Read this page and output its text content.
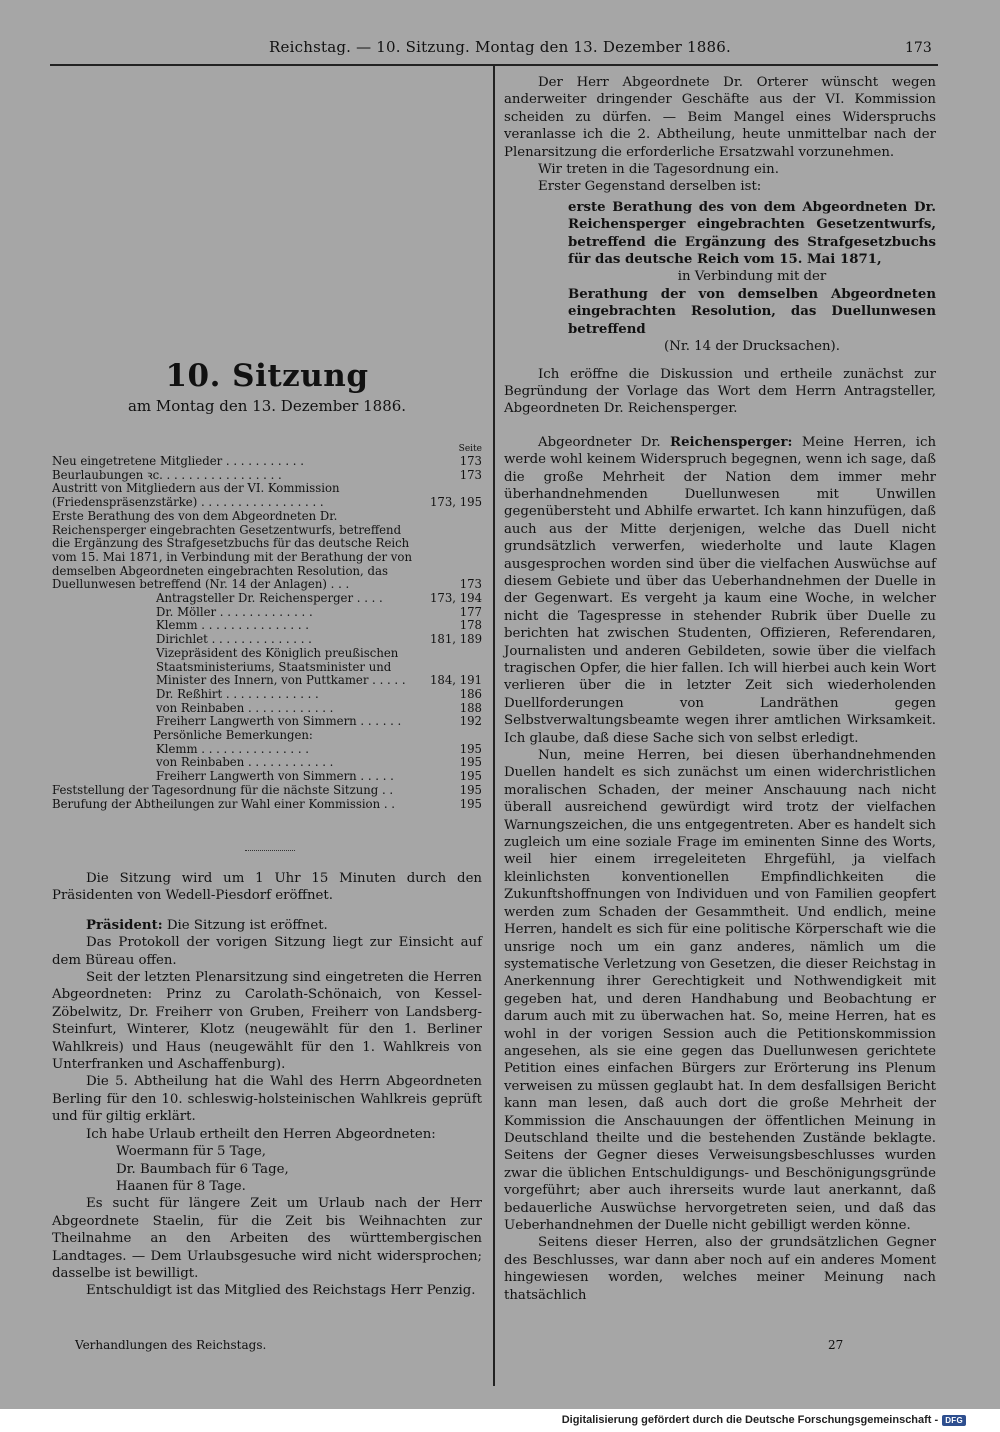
Reichstag. — 10. Sitzung. Montag den 13. Dezember 1886.	173
10. Sitzung
am Montag den 13. Dezember 1886.
Seite
Neu eingetretene Mitglieder . . . . . . . . . . .	173
Beurlaubungen ꝛc. . . . . . . . . . . . . . . . .	173
Austritt von Mitgliedern aus der VI. Kommission (Friedenspräsenzstärke) . . . . . . . . . . . . . . . . .	173, 195
Erste Berathung des von dem Abgeordneten Dr. Reichensperger eingebrachten Gesetzentwurfs, betreffend die Ergänzung des Strafgesetzbuchs für das deutsche Reich vom 15. Mai 1871, in Verbindung mit der Berathung der von demselben Abgeordneten eingebrachten Resolution, das Duellunwesen betreffend (Nr. 14 der Anlagen) . . .	173
Antragsteller Dr. Reichensperger . . . .	173, 194
Dr. Möller . . . . . . . . . . . . .	177
Klemm . . . . . . . . . . . . . . .	178
Dirichlet . . . . . . . . . . . . . .	181, 189
Vizepräsident des Königlich preußischen Staatsministeriums, Staatsminister und Minister des Innern, von Puttkamer . . . . .	184, 191
Dr. Reßhirt . . . . . . . . . . . . .	186
von Reinbaben . . . . . . . . . . . .	188
Freiherr Langwerth von Simmern . . . . . .	192
Persönliche Bemerkungen:
Klemm . . . . . . . . . . . . . . .	195
von Reinbaben . . . . . . . . . . . .	195
Freiherr Langwerth von Simmern . . . . .	195
Feststellung der Tagesordnung für die nächste Sitzung . .	195
Berufung der Abtheilungen zur Wahl einer Kommission . .	195

Die Sitzung wird um 1 Uhr 15 Minuten durch den Präsidenten von Wedell-Piesdorf eröffnet.

Präsident: Die Sitzung ist eröffnet.

Das Protokoll der vorigen Sitzung liegt zur Einsicht auf dem Büreau offen.

Seit der letzten Plenarsitzung sind eingetreten die Herren Abgeordneten: Prinz zu Carolath-Schönaich, von Kessel-Zöbelwitz, Dr. Freiherr von Gruben, Freiherr von Landsberg-Steinfurt, Winterer, Klotz (neugewählt für den 1. Berliner Wahlkreis) und Haus (neugewählt für den 1. Wahlkreis von Unterfranken und Aschaffenburg).

Die 5. Abtheilung hat die Wahl des Herrn Abgeordneten Berling für den 10. schleswig-holsteinischen Wahlkreis geprüft und für giltig erklärt.

Ich habe Urlaub ertheilt den Herren Abgeordneten:

Woermann für 5 Tage,
Dr. Baumbach für 6 Tage,
Haanen für 8 Tage.

Es sucht für längere Zeit um Urlaub nach der Herr Abgeordnete Staelin, für die Zeit bis Weihnachten zur Theilnahme an den Arbeiten des württembergischen Landtages. — Dem Urlaubsgesuche wird nicht widersprochen; dasselbe ist bewilligt.

Entschuldigt ist das Mitglied des Reichstags Herr Penzig.

Verhandlungen des Reichstags.	27

Der Herr Abgeordnete Dr. Orterer wünscht wegen anderweiter dringender Geschäfte aus der VI. Kommission scheiden zu dürfen. — Beim Mangel eines Widerspruchs veranlasse ich die 2. Abtheilung, heute unmittelbar nach der Plenarsitzung die erforderliche Ersatzwahl vorzunehmen.

Wir treten in die Tagesordnung ein.

Erster Gegenstand derselben ist:

erste Berathung des von dem Abgeordneten Dr. Reichensperger eingebrachten Gesetzentwurfs, betreffend die Ergänzung des Strafgesetzbuchs für das deutsche Reich vom 15. Mai 1871,

in Verbindung mit der

Berathung der von demselben Abgeordneten eingebrachten Resolution, das Duellunwesen betreffend

(Nr. 14 der Drucksachen).

Ich eröffne die Diskussion und ertheile zunächst zur Begründung der Vorlage das Wort dem Herrn Antragsteller, Abgeordneten Dr. Reichensperger.

Abgeordneter Dr. Reichensperger: Meine Herren, ich werde wohl keinem Widerspruch begegnen, wenn ich sage, daß die große Mehrheit der Nation dem immer mehr überhandnehmenden Duellunwesen mit Unwillen gegenübersteht und Abhilfe erwartet. Ich kann hinzufügen, daß auch aus der Mitte derjenigen, welche das Duell nicht grundsätzlich verwerfen, wiederholte und laute Klagen ausgesprochen worden sind über die vielfachen Auswüchse auf diesem Gebiete und über das Ueberhandnehmen der Duelle in der Gegenwart. Es vergeht ja kaum eine Woche, in welcher nicht die Tagespresse in stehender Rubrik über Duelle zu berichten hat zwischen Studenten, Offizieren, Referendaren, Journalisten und anderen Gebildeten, sowie über die vielfach tragischen Opfer, die hier fallen. Ich will hierbei auch kein Wort verlieren über die in letzter Zeit sich wiederholenden Duellforderungen von Landräthen gegen Selbstverwaltungsbeamte wegen ihrer amtlichen Wirksamkeit. Ich glaube, daß diese Sache sich von selbst erledigt.

Nun, meine Herren, bei diesen überhandnehmenden Duellen handelt es sich zunächst um einen widerchristlichen moralischen Schaden, der meiner Anschauung nach nicht überall ausreichend gewürdigt wird trotz der vielfachen Warnungszeichen, die uns entgegentreten. Aber es handelt sich zugleich um eine soziale Frage im eminenten Sinne des Worts, weil hier einem irregeleiteten Ehrgefühl, ja vielfach kleinlichsten konventionellen Empfindlichkeiten die Zukunftshoffnungen von Individuen und von Familien geopfert werden zum Schaden der Gesammtheit. Und endlich, meine Herren, handelt es sich für eine politische Körperschaft wie die unsrige noch um ein ganz anderes, nämlich um die systematische Verletzung von Gesetzen, die dieser Reichstag in Anerkennung ihrer Gerechtigkeit und Nothwendigkeit mit gegeben hat, und deren Handhabung und Beobachtung er darum auch mit zu überwachen hat. So, meine Herren, hat es wohl in der vorigen Session auch die Petitionskommission angesehen, als sie eine gegen das Duellunwesen gerichtete Petition eines einfachen Bürgers zur Erörterung ins Plenum verweisen zu müssen geglaubt hat. In dem desfallsigen Bericht kann man lesen, daß auch dort die große Mehrheit der Kommission die Anschauungen der öffentlichen Meinung in Deutschland theilte und die bestehenden Zustände beklagte. Seitens der Gegner dieses Verweisungsbeschlusses wurden zwar die üblichen Entschuldigungs- und Beschönigungsgründe vorgeführt; aber auch ihrerseits wurde laut anerkannt, daß bedauerliche Auswüchse hervorgetreten seien, und daß das Ueberhandnehmen der Duelle nicht gebilligt werden könne.

Seitens dieser Herren, also der grundsätzlichen Gegner des Beschlusses, war dann aber noch auf ein anderes Moment hingewiesen worden, welches meiner Meinung nach thatsächlich

Digitalisierung gefördert durch die Deutsche Forschungsgemeinschaft - DFG
